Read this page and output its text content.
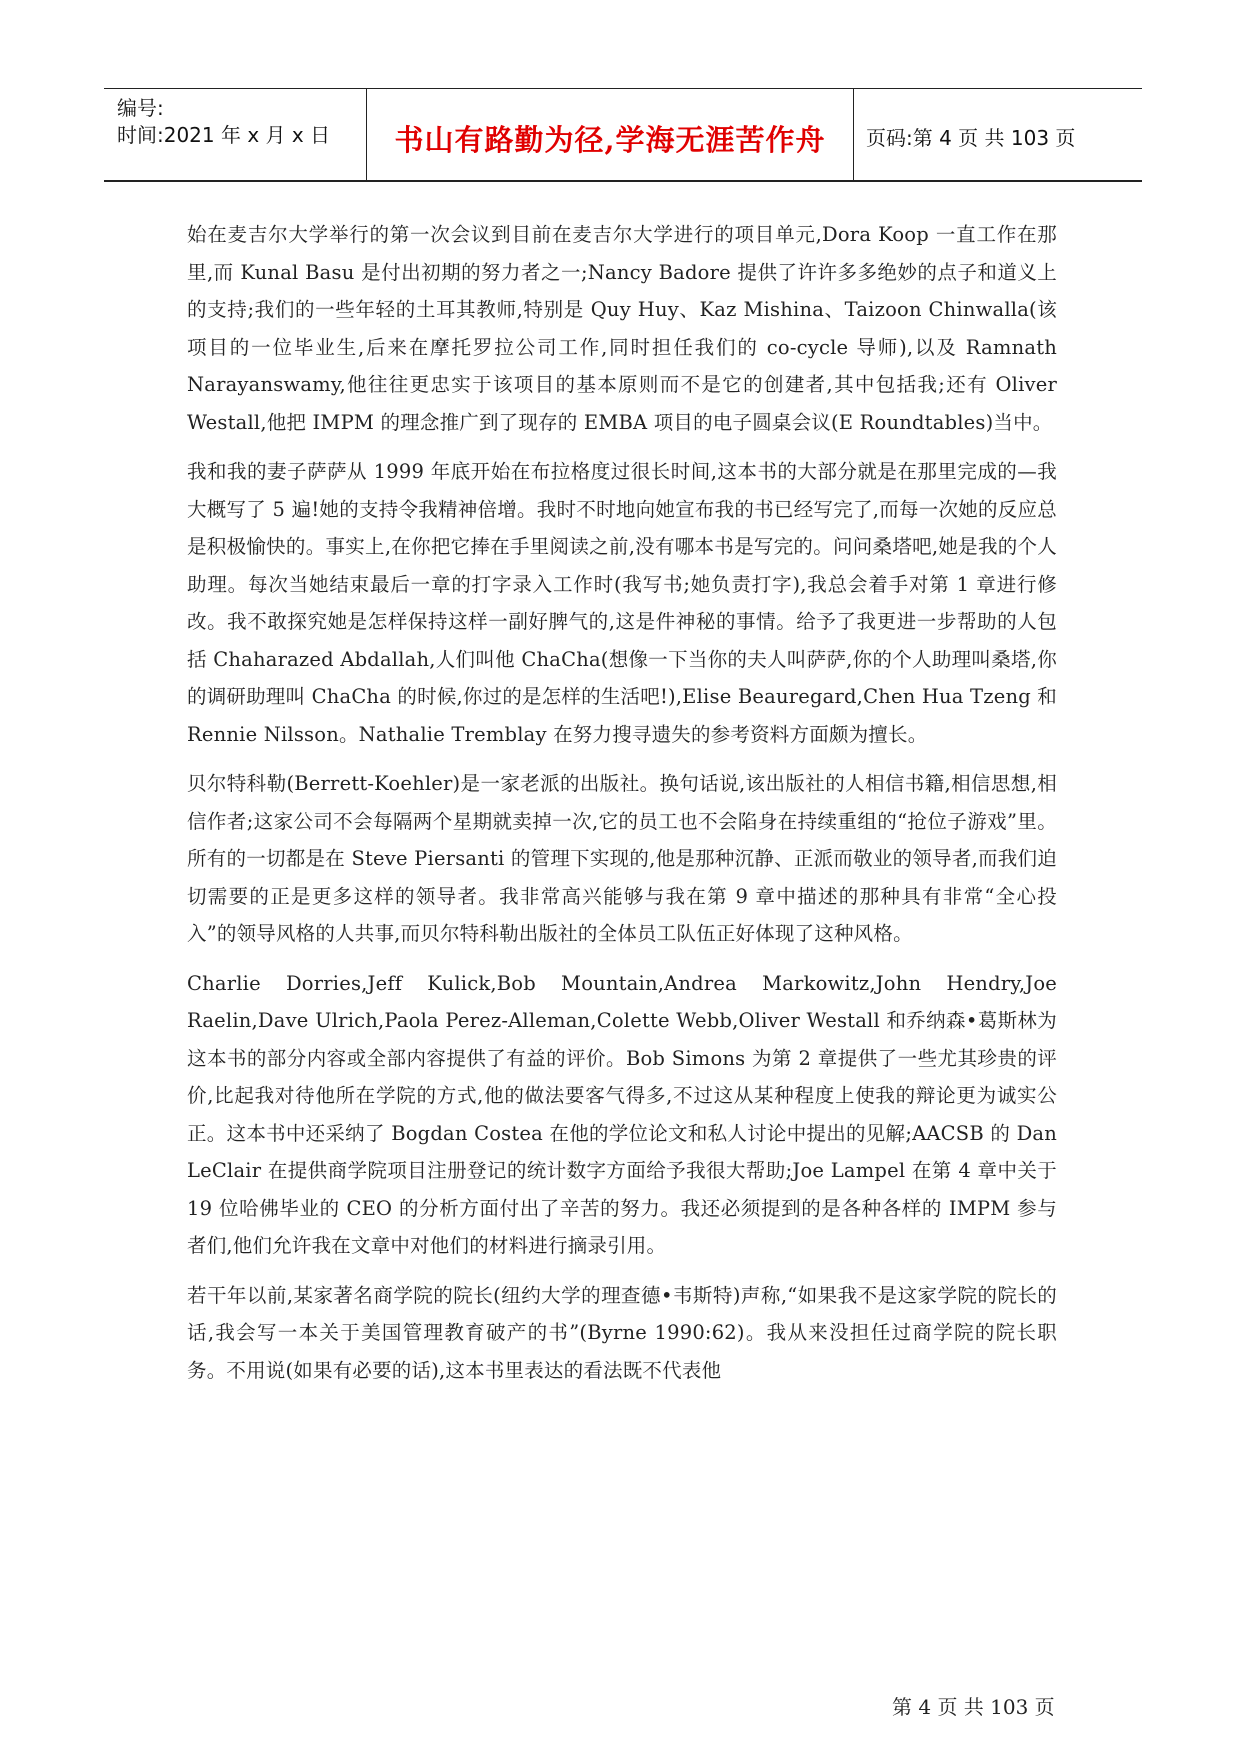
编号:
时间:2021 年 x 月 x 日	书山有路勤为径,学海无涯苦作舟	页码:第 4 页 共 103 页

始在麦吉尔大学举行的第一次会议到目前在麦吉尔大学进行的项目单元,Dora Koop 一直工作在那里,而 Kunal Basu 是付出初期的努力者之一;Nancy Badore 提供了许许多多绝妙的点子和道义上的支持;我们的一些年轻的土耳其教师,特别是 Quy Huy、Kaz Mishina、Taizoon Chinwalla(该项目的一位毕业生,后来在摩托罗拉公司工作,同时担任我们的 co-cycle 导师),以及 Ramnath Narayanswamy,他往往更忠实于该项目的基本原则而不是它的创建者,其中包括我;还有 Oliver Westall,他把 IMPM 的理念推广到了现存的 EMBA 项目的电子圆桌会议(E Roundtables)当中。

我和我的妻子萨萨从 1999 年底开始在布拉格度过很长时间,这本书的大部分就是在那里完成的—我大概写了 5 遍!她的支持令我精神倍增。我时不时地向她宣布我的书已经写完了,而每一次她的反应总是积极愉快的。事实上,在你把它捧在手里阅读之前,没有哪本书是写完的。问问桑塔吧,她是我的个人助理。每次当她结束最后一章的打字录入工作时(我写书;她负责打字),我总会着手对第 1 章进行修改。我不敢探究她是怎样保持这样一副好脾气的,这是件神秘的事情。给予了我更进一步帮助的人包括 Chaharazed Abdallah,人们叫他 ChaCha(想像一下当你的夫人叫萨萨,你的个人助理叫桑塔,你的调研助理叫 ChaCha 的时候,你过的是怎样的生活吧!),Elise Beauregard,Chen Hua Tzeng 和 Rennie Nilsson。Nathalie Tremblay 在努力搜寻遗失的参考资料方面颇为擅长。

贝尔特科勒(Berrett-Koehler)是一家老派的出版社。换句话说,该出版社的人相信书籍,相信思想,相信作者;这家公司不会每隔两个星期就卖掉一次,它的员工也不会陷身在持续重组的“抢位子游戏”里。所有的一切都是在 Steve Piersanti 的管理下实现的,他是那种沉静、正派而敬业的领导者,而我们迫切需要的正是更多这样的领导者。我非常高兴能够与我在第 9 章中描述的那种具有非常“全心投入”的领导风格的人共事,而贝尔特科勒出版社的全体员工队伍正好体现了这种风格。

Charlie Dorries,Jeff Kulick,Bob Mountain,Andrea Markowitz,John Hendry,Joe Raelin,Dave Ulrich,Paola Perez-Alleman,Colette Webb,Oliver Westall 和乔纳森•葛斯林为这本书的部分内容或全部内容提供了有益的评价。Bob Simons 为第 2 章提供了一些尤其珍贵的评价,比起我对待他所在学院的方式,他的做法要客气得多,不过这从某种程度上使我的辩论更为诚实公正。这本书中还采纳了 Bogdan Costea 在他的学位论文和私人讨论中提出的见解;AACSB 的 Dan LeClair 在提供商学院项目注册登记的统计数字方面给予我很大帮助;Joe Lampel 在第 4 章中关于 19 位哈佛毕业的 CEO 的分析方面付出了辛苦的努力。我还必须提到的是各种各样的 IMPM 参与者们,他们允许我在文章中对他们的材料进行摘录引用。

若干年以前,某家著名商学院的院长(纽约大学的理查德•韦斯特)声称,“如果我不是这家学院的院长的话,我会写一本关于美国管理教育破产的书”(Byrne 1990:62)。我从来没担任过商学院的院长职务。不用说(如果有必要的话),这本书里表达的看法既不代表他

第 4 页 共 103 页
